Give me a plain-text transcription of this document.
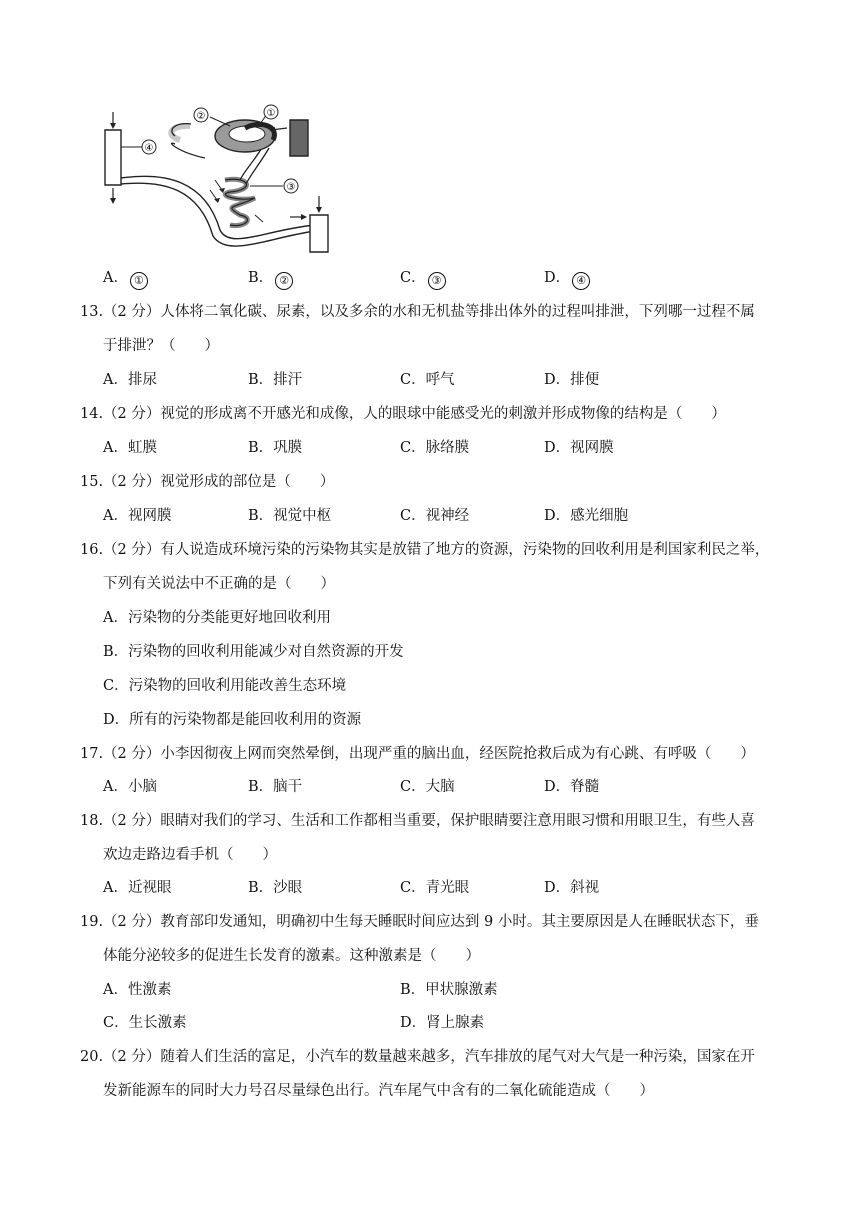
②	①
③
④
A． ①	B． ②	C． ③	D． ④
13.（2 分）人体将二氧化碳、尿素，以及多余的水和无机盐等排出体外的过程叫排泄，下列哪一过程不属
于排泄？（　　）
A．排尿	B．排汗	C．呼气	D．排便
14.（2 分）视觉的形成离不开感光和成像，人的眼球中能感受光的刺激并形成物像的结构是（　　）
A．虹膜	B．巩膜	C．脉络膜	D．视网膜
15.（2 分）视觉形成的部位是（　　）
A．视网膜	B．视觉中枢	C．视神经	D．感光细胞
16.（2 分）有人说造成环境污染的污染物其实是放错了地方的资源，污染物的回收利用是利国家利民之举，
下列有关说法中不正确的是（　　）
A．污染物的分类能更好地回收利用
B．污染物的回收利用能减少对自然资源的开发
C．污染物的回收利用能改善生态环境
D．所有的污染物都是能回收利用的资源
17.（2 分）小李因彻夜上网而突然晕倒，出现严重的脑出血，经医院抢救后成为有心跳、有呼吸（　　）
A．小脑	B．脑干	C．大脑	D．脊髓
18.（2 分）眼睛对我们的学习、生活和工作都相当重要，保护眼睛要注意用眼习惯和用眼卫生，有些人喜
欢边走路边看手机（　　）
A．近视眼	B．沙眼	C．青光眼	D．斜视
19.（2 分）教育部印发通知，明确初中生每天睡眠时间应达到 9 小时。其主要原因是人在睡眠状态下，垂
体能分泌较多的促进生长发育的激素。这种激素是（　　）
A．性激素	B．甲状腺激素
C．生长激素	D．肾上腺素
20.（2 分）随着人们生活的富足，小汽车的数量越来越多，汽车排放的尾气对大气是一种污染，国家在开
发新能源车的同时大力号召尽量绿色出行。汽车尾气中含有的二氧化硫能造成（　　）
